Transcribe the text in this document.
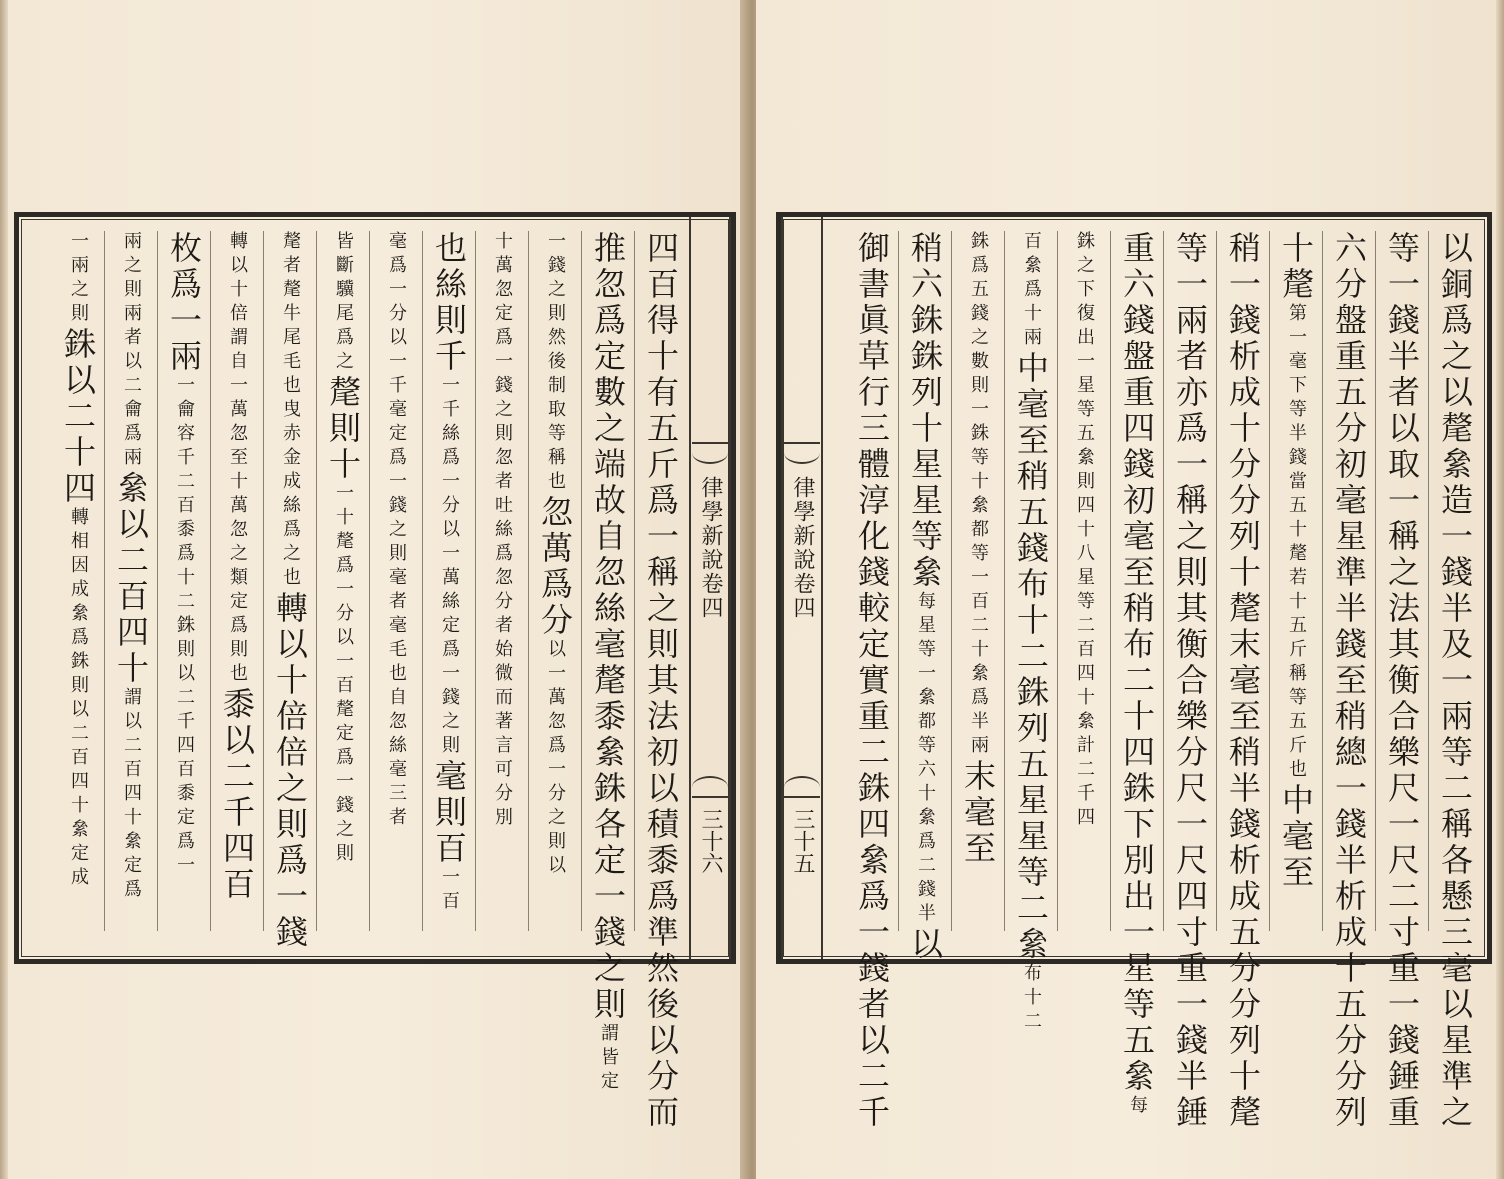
四百得十有五斤爲一稱之則其法初以積黍爲準然後以分而
推忽爲定數之端故自忽絲毫氂黍絫銖各定一錢之則謂皆定
一錢之則然後制取等稱也忽萬爲分以一萬忽爲一分之則以
十萬忽定爲一錢之則忽者吐絲爲忽分者始微而著言可分別
也絲則千一千絲爲一分以一萬絲定爲一錢之則毫則百一百
毫爲一分以一千毫定爲一錢之則毫者毫毛也自忽絲毫三者
皆斷驥尾爲之氂則十一十氂爲一分以一百氂定爲一錢之則
氂者氂牛尾毛也曳赤金成絲爲之也轉以十倍倍之則爲一錢
轉以十倍謂自一萬忽至十萬忽之類定爲則也黍以二千四百
枚爲一兩一龠容千二百黍爲十二銖則以二千四百黍定爲一
兩之則兩者以二龠爲兩絫以二百四十謂以二百四十絫定爲
一兩之則銖以二十四轉相因成絫爲銖則以二百四十絫定成	律學新說卷四
三十六
律學新說卷四
三十五	以銅爲之以氂絫造一錢半及一兩等二稱各懸三毫以星準之
等一錢半者以取一稱之法其衡合樂尺一尺二寸重一錢錘重
六分盤重五分初毫星準半錢至稍總一錢半析成十五分分列
十氂第一毫下等半錢當五十氂若十五斤稱等五斤也中毫至
稍一錢析成十分分列十氂末毫至稍半錢析成五分分列十氂
等一兩者亦爲一稱之則其衡合樂分尺一尺四寸重一錢半錘
重六錢盤重四錢初毫至稍布二十四銖下別出一星等五絫每
銖之下復出一星等五絫則四十八星等二百四十絫計二千四
百絫爲十兩中毫至稍五錢布十二銖列五星星等二絫布十二
銖爲五錢之數則一銖等十絫都等一百二十絫爲半兩末毫至
稍六銖銖列十星星等絫每星等一絫都等六十絫爲二錢半以
御書眞草行三體淳化錢較定實重二銖四絫爲一錢者以二千
